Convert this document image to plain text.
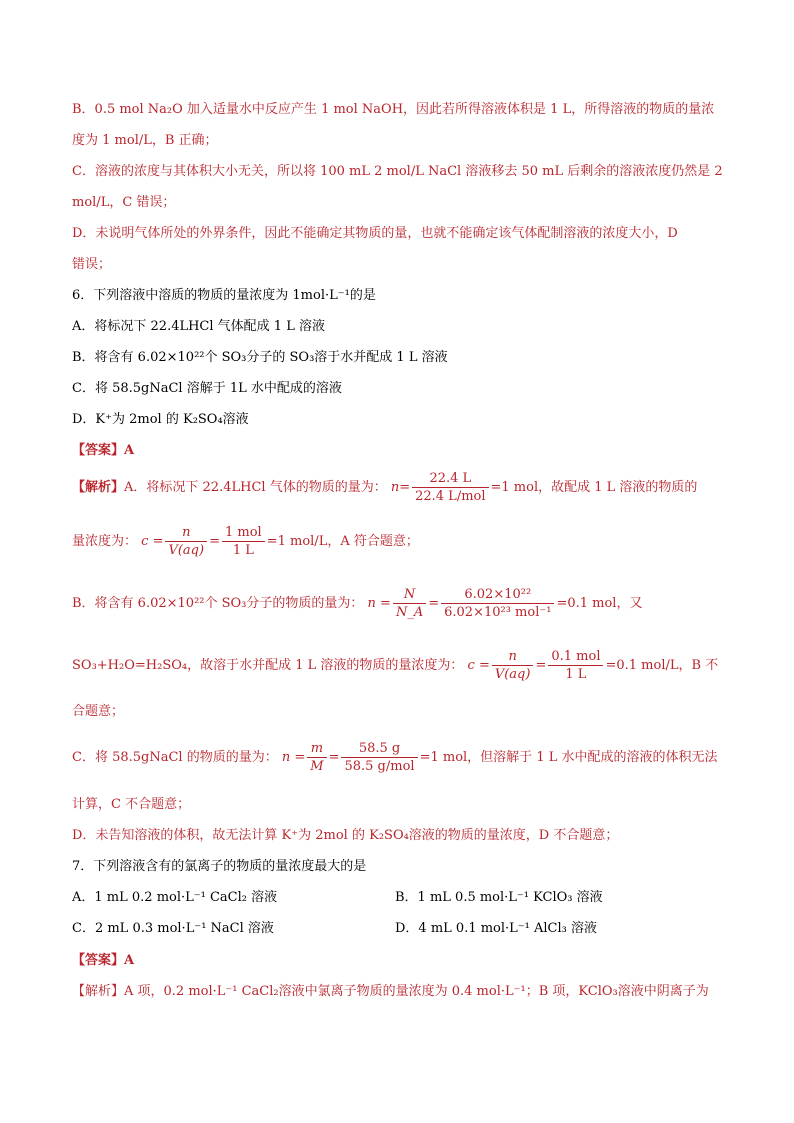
B．0.5 mol Na₂O 加入适量水中反应产生 1 mol NaOH，因此若所得溶液体积是 1 L，所得溶液的物质的量浓
度为 1 mol/L，B 正确；
C．溶液的浓度与其体积大小无关，所以将 100 mL 2 mol/L NaCl 溶液移去 50 mL 后剩余的溶液浓度仍然是 2
mol/L，C 错误；
D．未说明气体所处的外界条件，因此不能确定其物质的量，也就不能确定该气体配制溶液的浓度大小，D
错误；
6．下列溶液中溶质的物质的量浓度为 1mol·L⁻¹的是
A．将标况下 22.4LHCl 气体配成 1 L 溶液
B．将含有 6.02×10²²个 SO₃分子的 SO₃溶于水并配成 1 L 溶液
C．将 58.5gNaCl 溶解于 1L 水中配成的溶液
D．K⁺为 2mol 的 K₂SO₄溶液
【答案】A
【解析】A．将标况下 22.4LHCl 气体的物质的量为： $n= \frac{22.4 L}{\text{22.4 L/mol}} =1$ mol，故配成 1 L 溶液的物质的
量浓度为： $c = \frac{n}{V(aq)} = \frac{\text{1 mol}}{1 L} =1$ mol/L，A 符合题意；
B．将含有 6.02×10²²个 SO₃分子的物质的量为： $n = \frac{N}{N\_A} = \frac{\text{6.02×10²²}}{\text{6.02×10²³ mol⁻¹}} =0.1$ mol，又
SO₃+H₂O=H₂SO₄，故溶于水并配成 1 L 溶液的物质的量浓度为： $c = \frac{n}{V(aq)} = \frac{\text{0.1 mol}}{1 L} =0.1$ mol/L，B 不
合题意；
C．将 58.5gNaCl 的物质的量为： $n = \frac{m}{M} = \frac{58.5 g}{\text{58.5 g/mol}} =1$ mol，但溶解于 1 L 水中配成的溶液的体积无法
计算，C 不合题意；
D．未告知溶液的体积，故无法计算 K⁺为 2mol 的 K₂SO₄溶液的物质的量浓度，D 不合题意；
7．下列溶液含有的氯离子的物质的量浓度最大的是
A．1 mL 0.2 mol·L⁻¹ CaCl₂ 溶液	B．1 mL 0.5 mol·L⁻¹ KClO₃ 溶液
C．2 mL 0.3 mol·L⁻¹ NaCl 溶液	D．4 mL 0.1 mol·L⁻¹ AlCl₃ 溶液
【答案】A
【解析】A 项，0.2 mol·L⁻¹ CaCl₂溶液中氯离子物质的量浓度为 0.4 mol·L⁻¹；B 项，KClO₃溶液中阴离子为
